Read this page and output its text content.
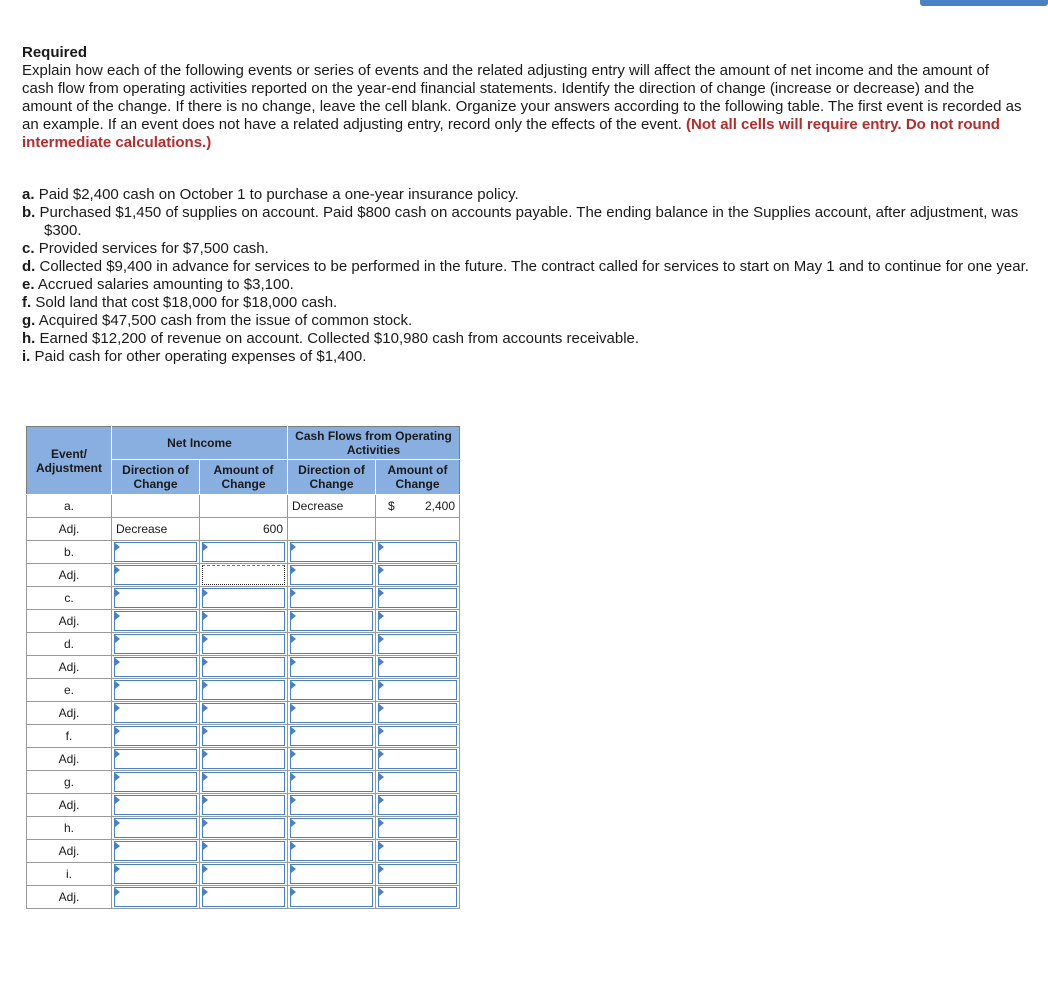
Required

Explain how each of the following events or series of events and the related adjusting entry will affect the amount of net income and the amount of cash flow from operating activities reported on the year-end financial statements. Identify the direction of change (increase or decrease) and the amount of the change. If there is no change, leave the cell blank. Organize your answers according to the following table. The first event is recorded as an example. If an event does not have a related adjusting entry, record only the effects of the event. (Not all cells will require entry. Do not round intermediate calculations.)

a. Paid $2,400 cash on October 1 to purchase a one-year insurance policy.
b. Purchased $1,450 of supplies on account. Paid $800 cash on accounts payable. The ending balance in the Supplies account, after adjustment, was $300.
c. Provided services for $7,500 cash.
d. Collected $9,400 in advance for services to be performed in the future. The contract called for services to start on May 1 and to continue for one year.
e. Accrued salaries amounting to $3,100.
f. Sold land that cost $18,000 for $18,000 cash.
g. Acquired $47,500 cash from the issue of common stock.
h. Earned $12,200 of revenue on account. Collected $10,980 cash from accounts receivable.
i. Paid cash for other operating expenses of $1,400.
Event/ Adjustment	Net Income		Cash Flows from Operating Activities	
	Direction of Change	Amount of Change	Direction of Change	Amount of Change
a.			Decrease	$ 2,400

Adj.	Decrease	600		

b.	

Adj.	

c.	

Adj.	

d.	

Adj.	

e.	

Adj.	

f.	

Adj.	

g.	

Adj.	

h.	

Adj.	

i.	

Adj.	
